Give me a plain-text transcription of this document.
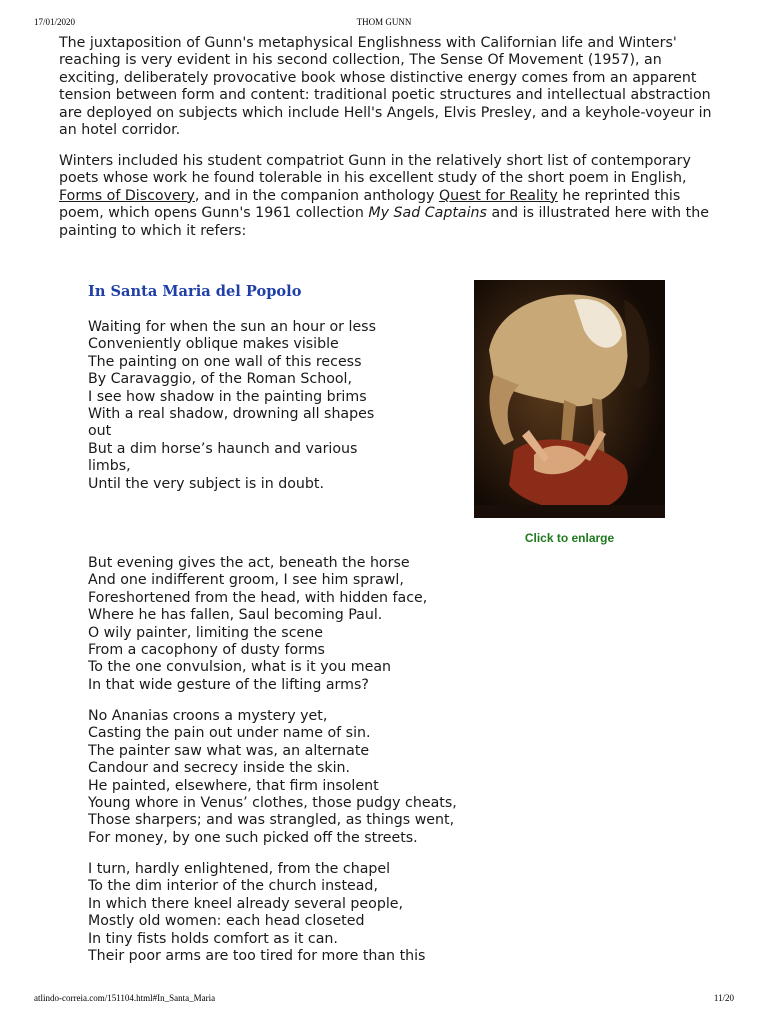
17/01/2020	THOM GUNN

The juxtaposition of Gunn's metaphysical Englishness with Californian life and Winters' reaching is very evident in his second collection, The Sense Of Movement (1957), an exciting, deliberately provocative book whose distinctive energy comes from an apparent tension between form and content: traditional poetic structures and intellectual abstraction are deployed on subjects which include Hell's Angels, Elvis Presley, and a keyhole-voyeur in an hotel corridor.

Winters included his student compatriot Gunn in the relatively short list of contemporary poets whose work he found tolerable in his excellent study of the short poem in English, Forms of Discovery, and in the companion anthology Quest for Reality he reprinted this poem, which opens Gunn's 1961 collection My Sad Captains and is illustrated here with the painting to which it refers:

In Santa Maria del Popolo

Waiting for when the sun an hour or less
Conveniently oblique makes visible
The painting on one wall of this recess
By Caravaggio, of the Roman School,
I see how shadow in the painting brims
With a real shadow, drowning all shapes out
But a dim horse’s haunch and various limbs,
Until the very subject is in doubt.

But evening gives the act, beneath the horse
And one indifferent groom, I see him sprawl,
Foreshortened from the head, with hidden face,
Where he has fallen, Saul becoming Paul.
O wily painter, limiting the scene
From a cacophony of dusty forms
To the one convulsion, what is it you mean
In that wide gesture of the lifting arms?

No Ananias croons a mystery yet,
Casting the pain out under name of sin.
The painter saw what was, an alternate
Candour and secrecy inside the skin.
He painted, elsewhere, that firm insolent
Young whore in Venus’ clothes, those pudgy cheats,
Those sharpers; and was strangled, as things went,
For money, by one such picked off the streets.

I turn, hardly enlightened, from the chapel
To the dim interior of the church instead,
In which there kneel already several people,
Mostly old women: each head closeted
In tiny fists holds comfort as it can.
Their poor arms are too tired for more than this

Click to enlarge
atlindo-correia.com/151104.html#In_Santa_Maria	11/20
